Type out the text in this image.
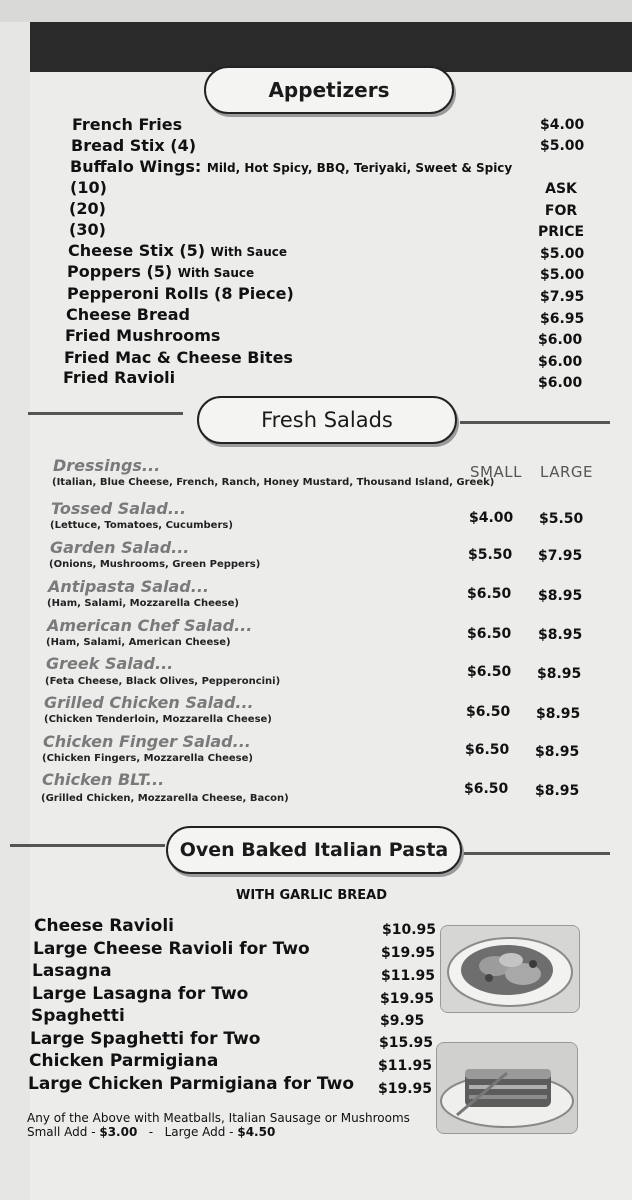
Appetizers
French Fries	$4.00
Bread Stix (4)	$5.00
Buffalo Wings: Mild, Hot Spicy, BBQ, Teriyaki, Sweet & Spicy
(10)	ASK
(20)	FOR
(30)	PRICE
Cheese Stix (5) With Sauce	$5.00
Poppers (5) With Sauce	$5.00
Pepperoni Rolls (8 Piece)	$7.95
Cheese Bread	$6.95
Fried Mushrooms	$6.00
Fried Mac & Cheese Bites	$6.00
Fried Ravioli	$6.00
Fresh Salads
SMALL LARGE
Dressings...
(Italian, Blue Cheese, French, Ranch, Honey Mustard, Thousand Island, Greek)
Tossed Salad...
(Lettuce, Tomatoes, Cucumbers)	$4.00 $5.50
Garden Salad...
(Onions, Mushrooms, Green Peppers)
$5.50 $7.95
Antipasta Salad...
(Ham, Salami, Mozzarella Cheese)
$6.50 $8.95
American Chef Salad...
(Ham, Salami, American Cheese)
$6.50 $8.95
Greek Salad...
(Feta Cheese, Black Olives, Pepperoncini)
$6.50 $8.95
Grilled Chicken Salad...
(Chicken Tenderloin, Mozzarella Cheese)	$6.50 $8.95
Chicken Finger Salad...
(Chicken Fingers, Mozzarella Cheese)
$6.50 $8.95
Chicken BLT...
(Grilled Chicken, Mozzarella Cheese, Bacon)
$6.50 $8.95
Oven Baked Italian Pasta
WITH GARLIC BREAD
Cheese Ravioli	$10.95
Large Cheese Ravioli for Two	$19.95
Lasagna	$11.95
Large Lasagna for Two	$19.95
Spaghetti	$9.95
Large Spaghetti for Two	$15.95
Chicken Parmigiana	$11.95
Large Chicken Parmigiana for Two $19.95
Any of the Above with Meatballs, Italian Sausage or Mushrooms
Small Add - $3.00 - Large Add - $4.50
